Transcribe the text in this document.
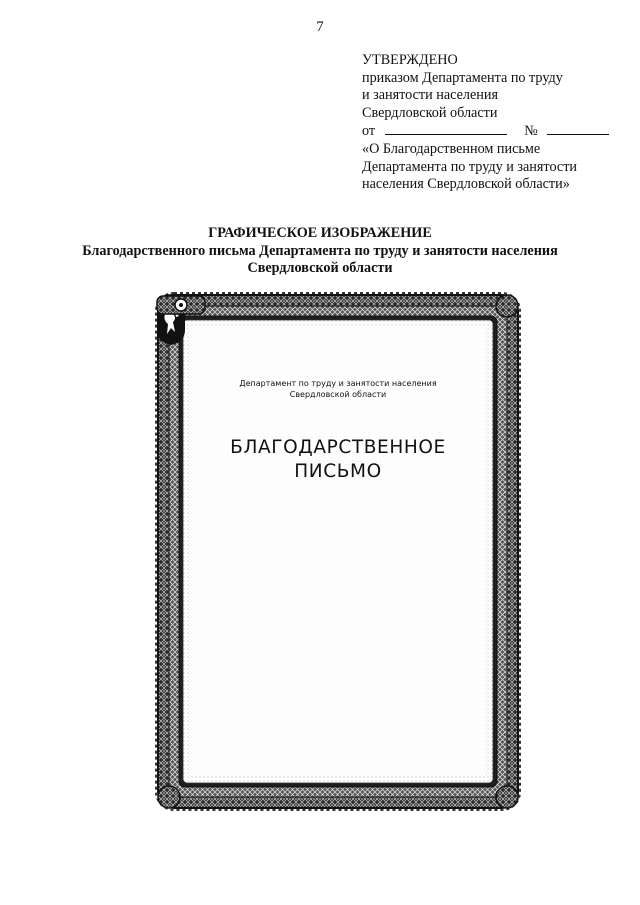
7
УТВЕРЖДЕНО
приказом Департамента по труду
и занятости населения
Свердловской области
от	№
«О Благодарственном письме
Департамента по труду и занятости
населения Свердловской области»
ГРАФИЧЕСКОЕ ИЗОБРАЖЕНИЕ
Благодарственного письма Департамента по труду и занятости населения
Свердловской области
Департамент по труду и занятости населения
Свердловской области
БЛАГОДАРСТВЕННОЕ
ПИСЬМО
